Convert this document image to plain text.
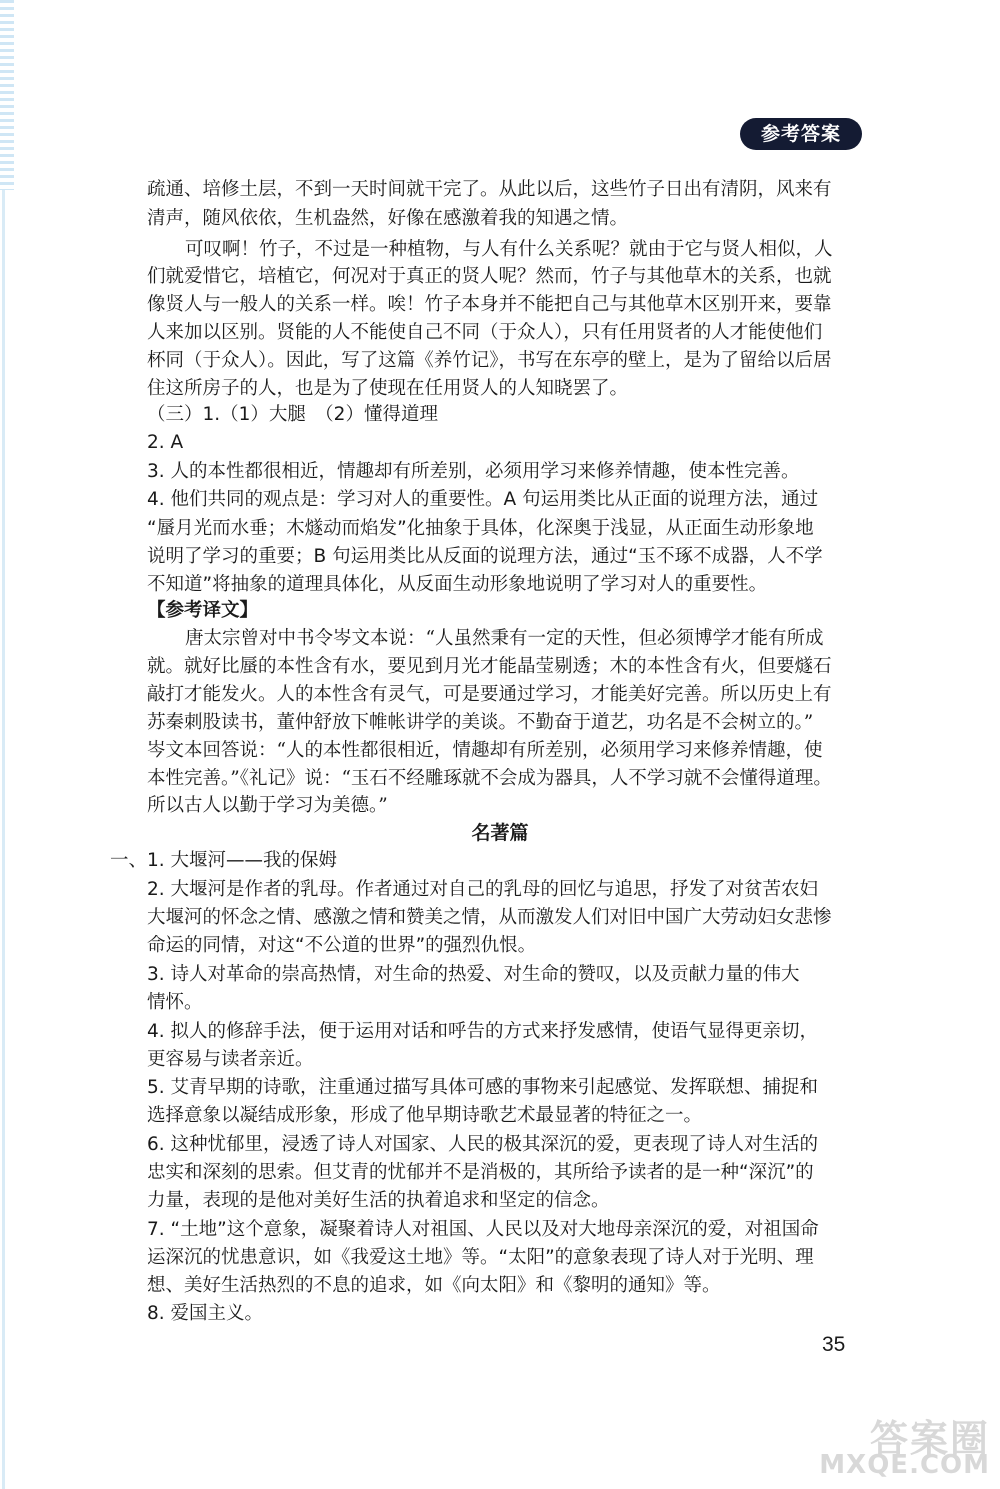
参考答案
疏通、培修土层，不到一天时间就干完了。从此以后，这些竹子日出有清阴，风来有
清声，随风依依，生机盎然，好像在感激着我的知遇之情。
可叹啊！竹子，不过是一种植物，与人有什么关系呢？就由于它与贤人相似，人
们就爱惜它，培植它，何况对于真正的贤人呢？然而，竹子与其他草木的关系，也就
像贤人与一般人的关系一样。唉！竹子本身并不能把自己与其他草木区别开来，要靠
人来加以区别。贤能的人不能使自己不同（于众人），只有任用贤者的人才能使他们
杯同（于众人）。因此，写了这篇《养竹记》，书写在东亭的壁上，是为了留给以后居
住这所房子的人，也是为了使现在任用贤人的人知晓罢了。
（三）1.（1）大腿　（2）懂得道理
2. A
3. 人的本性都很相近，情趣却有所差别，必须用学习来修养情趣，使本性完善。
4. 他们共同的观点是：学习对人的重要性。A 句运用类比从正面的说理方法，通过
“蜃月光而水垂；木燧动而焰发”化抽象于具体，化深奥于浅显，从正面生动形象地
说明了学习的重要；B 句运用类比从反面的说理方法，通过“玉不琢不成器，人不学
不知道”将抽象的道理具体化，从反面生动形象地说明了学习对人的重要性。
【参考译文】
唐太宗曾对中书令岑文本说：“人虽然秉有一定的天性，但必须博学才能有所成
就。就好比蜃的本性含有水，要见到月光才能晶莹剔透；木的本性含有火，但要燧石
敲打才能发火。人的本性含有灵气，可是要通过学习，才能美好完善。所以历史上有
苏秦刺股读书，董仲舒放下帷帐讲学的美谈。不勤奋于道艺，功名是不会树立的。”
岑文本回答说：“人的本性都很相近，情趣却有所差别，必须用学习来修养情趣，使
本性完善。”《礼记》说：“玉石不经雕琢就不会成为器具，人不学习就不会懂得道理。
所以古人以勤于学习为美德。”
名著篇
一、1. 大堰河——我的保姆
2. 大堰河是作者的乳母。作者通过对自己的乳母的回忆与追思，抒发了对贫苦农妇
大堰河的怀念之情、感激之情和赞美之情，从而激发人们对旧中国广大劳动妇女悲惨
命运的同情，对这“不公道的世界”的强烈仇恨。
3. 诗人对革命的崇高热情，对生命的热爱、对生命的赞叹，以及贡献力量的伟大
情怀。
4. 拟人的修辞手法，便于运用对话和呼告的方式来抒发感情，使语气显得更亲切，
更容易与读者亲近。
5. 艾青早期的诗歌，注重通过描写具体可感的事物来引起感觉、发挥联想、捕捉和
选择意象以凝结成形象，形成了他早期诗歌艺术最显著的特征之一。
6. 这种忧郁里，浸透了诗人对国家、人民的极其深沉的爱，更表现了诗人对生活的
忠实和深刻的思索。但艾青的忧郁并不是消极的，其所给予读者的是一种“深沉”的
力量，表现的是他对美好生活的执着追求和坚定的信念。
7. “土地”这个意象，凝聚着诗人对祖国、人民以及对大地母亲深沉的爱，对祖国命
运深沉的忧患意识，如《我爱这土地》等。“太阳”的意象表现了诗人对于光明、理
想、美好生活热烈的不息的追求，如《向太阳》和《黎明的通知》等。
8. 爱国主义。
35
答案圈
MXQE.COM
